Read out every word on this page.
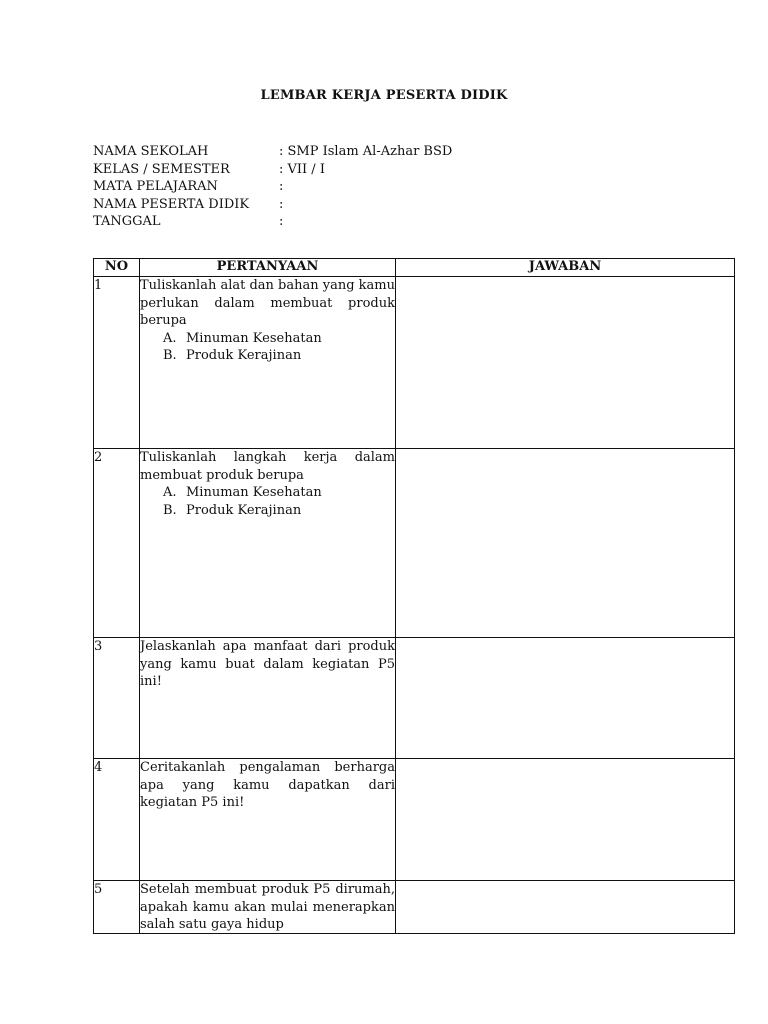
LEMBAR KERJA PESERTA DIDIK
NAMA SEKOLAH	: SMP Islam Al-Azhar BSD
KELAS / SEMESTER	: VII / I
MATA PELAJARAN	:
NAMA PESERTA DIDIK	:
TANGGAL	:
NO	PERTANYAAN	JAWABAN
1	Tuliskanlah alat dan bahan yang kamu perlukan dalam membuat produk berupa
A. Minuman Kesehatan
B. Produk Kerajinan	

2	Tuliskanlah langkah kerja dalam membuat produk berupa
A. Minuman Kesehatan
B. Produk Kerajinan	

3	Jelaskanlah apa manfaat dari produk yang kamu buat dalam kegiatan P5 ini!	

4	Ceritakanlah pengalaman berharga apa yang kamu dapatkan dari kegiatan P5 ini!	

5	Setelah membuat produk P5 dirumah, apakah kamu akan mulai menerapkan salah satu gaya hidup	
